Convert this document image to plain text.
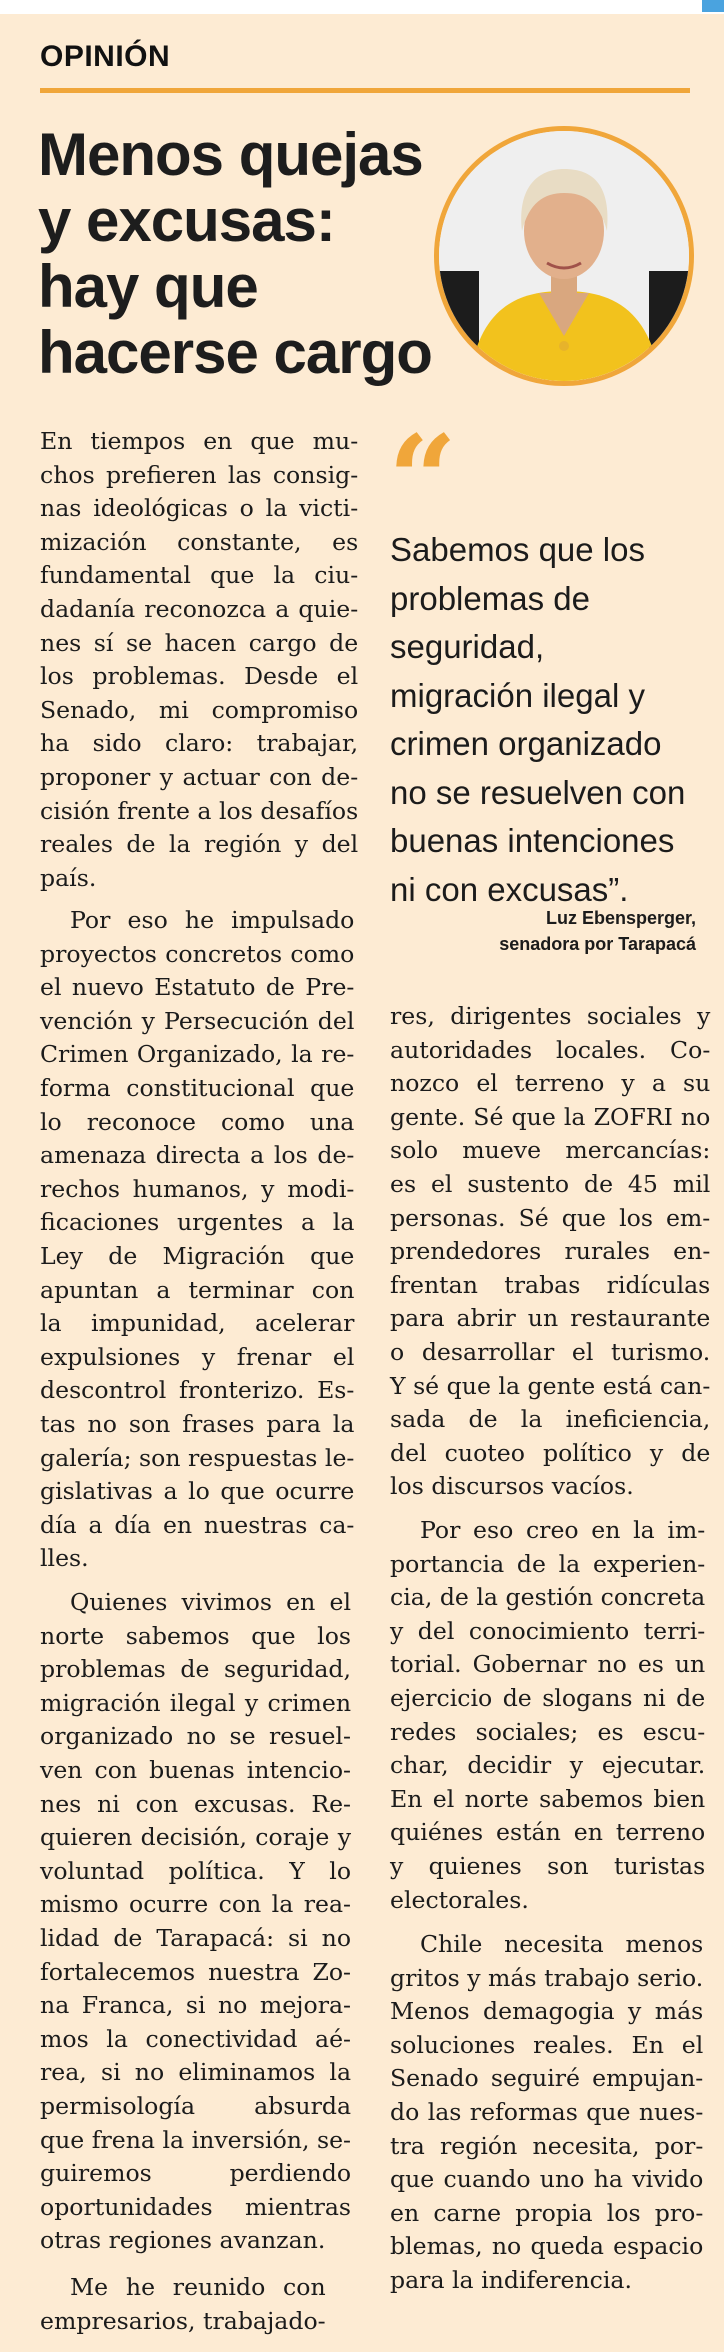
OPINIÓN
Menos quejas
y excusas:
hay que
hacerse cargo

En tiempos en que mu-
chos prefieren las consig-
nas ideológicas o la victi-
mización constante, es
fundamental que la ciu-
dadanía reconozca a quie-
nes sí se hacen cargo de
los problemas. Desde el
Senado, mi compromiso
ha sido claro: trabajar,
proponer y actuar con de-
cisión frente a los desafíos
reales de la región y del
país.

Por eso he impulsado
proyectos concretos como
el nuevo Estatuto de Pre-
vención y Persecución del
Crimen Organizado, la re-
forma constitucional que
lo reconoce como una
amenaza directa a los de-
rechos humanos, y modi-
ficaciones urgentes a la
Ley de Migración que
apuntan a terminar con
la impunidad, acelerar
expulsiones y frenar el
descontrol fronterizo. Es-
tas no son frases para la
galería; son respuestas le-
gislativas a lo que ocurre
día a día en nuestras ca-
lles.

Quienes vivimos en el
norte sabemos que los
problemas de seguridad,
migración ilegal y crimen
organizado no se resuel-
ven con buenas intencio-
nes ni con excusas. Re-
quieren decisión, coraje y
voluntad política. Y lo
mismo ocurre con la rea-
lidad de Tarapacá: si no
fortalecemos nuestra Zo-
na Franca, si no mejora-
mos la conectividad aé-
rea, si no eliminamos la
permisología absurda
que frena la inversión, se-
guiremos perdiendo
oportunidades mientras
otras regiones avanzan.

Me he reunido con
empresarios, trabajado-

“
Sabemos que los
problemas de
seguridad,
migración ilegal y
crimen organizado
no se resuelven con
buenas intenciones
ni con excusas”.
Luz Ebensperger,
senadora por Tarapacá

res, dirigentes sociales y
autoridades locales. Co-
nozco el terreno y a su
gente. Sé que la ZOFRI no
solo mueve mercancías:
es el sustento de 45 mil
personas. Sé que los em-
prendedores rurales en-
frentan trabas ridículas
para abrir un restaurante
o desarrollar el turismo.
Y sé que la gente está can-
sada de la ineficiencia,
del cuoteo político y de
los discursos vacíos.

Por eso creo en la im-
portancia de la experien-
cia, de la gestión concreta
y del conocimiento terri-
torial. Gobernar no es un
ejercicio de slogans ni de
redes sociales; es escu-
char, decidir y ejecutar.
En el norte sabemos bien
quiénes están en terreno
y quienes son turistas
electorales.

Chile necesita menos
gritos y más trabajo serio.
Menos demagogia y más
soluciones reales. En el
Senado seguiré empujan-
do las reformas que nues-
tra región necesita, por-
que cuando uno ha vivido
en carne propia los pro-
blemas, no queda espacio
para la indiferencia.
